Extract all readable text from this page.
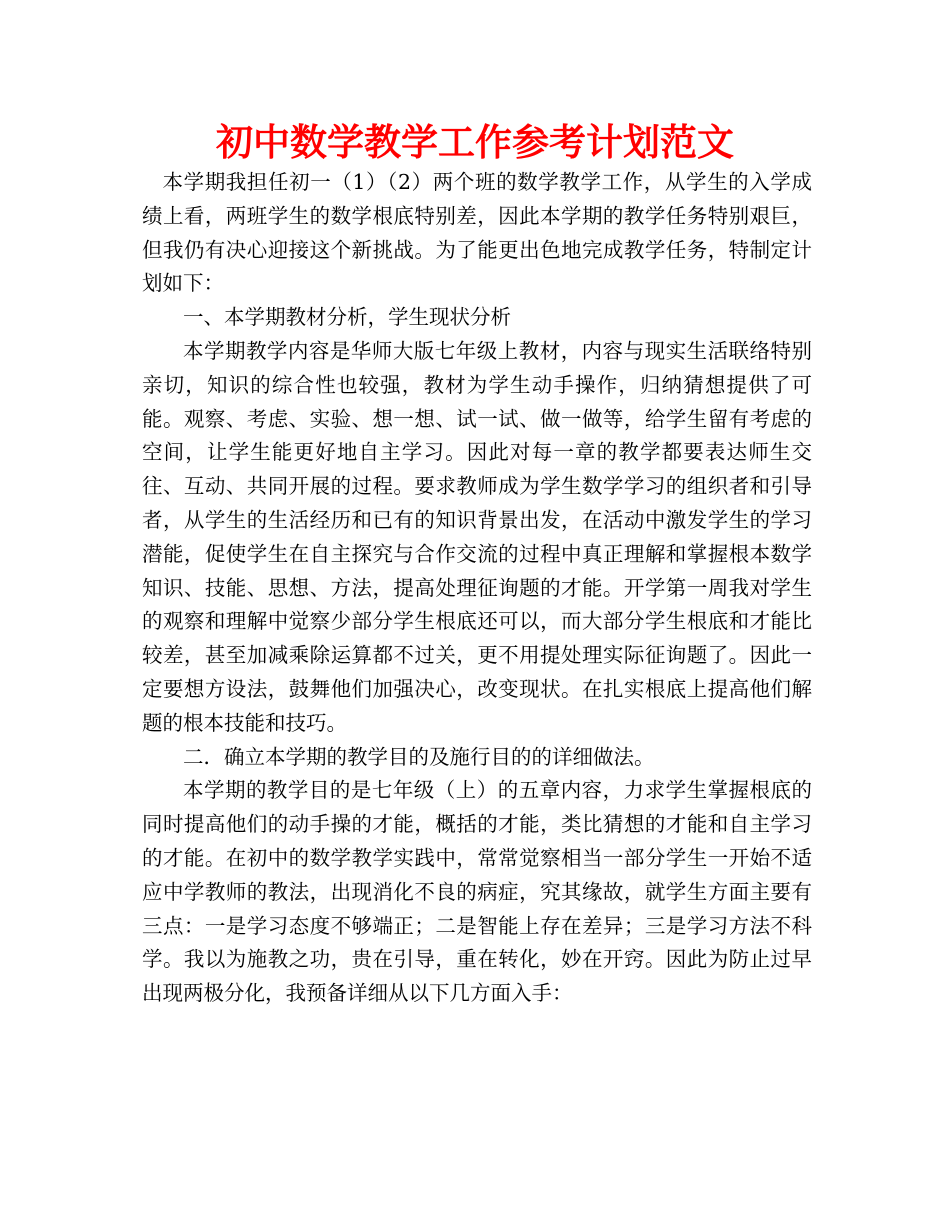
初中数学教学工作参考计划范文

本学期我担任初一（1）（2）两个班的数学教学工作，从学生的入学成绩上看，两班学生的数学根底特别差，因此本学期的教学任务特别艰巨，但我仍有决心迎接这个新挑战。为了能更出色地完成教学任务，特制定计划如下：

一、本学期教材分析，学生现状分析

本学期教学内容是华师大版七年级上教材，内容与现实生活联络特别亲切，知识的综合性也较强，教材为学生动手操作，归纳猜想提供了可能。观察、考虑、实验、想一想、试一试、做一做等，给学生留有考虑的空间，让学生能更好地自主学习。因此对每一章的教学都要表达师生交往、互动、共同开展的过程。要求教师成为学生数学学习的组织者和引导者，从学生的生活经历和已有的知识背景出发，在活动中激发学生的学习潜能，促使学生在自主探究与合作交流的过程中真正理解和掌握根本数学知识、技能、思想、方法，提高处理征询题的才能。开学第一周我对学生的观察和理解中觉察少部分学生根底还可以，而大部分学生根底和才能比较差，甚至加减乘除运算都不过关，更不用提处理实际征询题了。因此一定要想方设法，鼓舞他们加强决心，改变现状。在扎实根底上提高他们解题的根本技能和技巧。

二．确立本学期的教学目的及施行目的的详细做法。

本学期的教学目的是七年级（上）的五章内容，力求学生掌握根底的同时提高他们的动手操的才能，概括的才能，类比猜想的才能和自主学习的才能。在初中的数学教学实践中，常常觉察相当一部分学生一开始不适应中学教师的教法，出现消化不良的病症，究其缘故，就学生方面主要有三点：一是学习态度不够端正；二是智能上存在差异；三是学习方法不科学。我以为施教之功，贵在引导，重在转化，妙在开窍。因此为防止过早出现两极分化，我预备详细从以下几方面入手：
